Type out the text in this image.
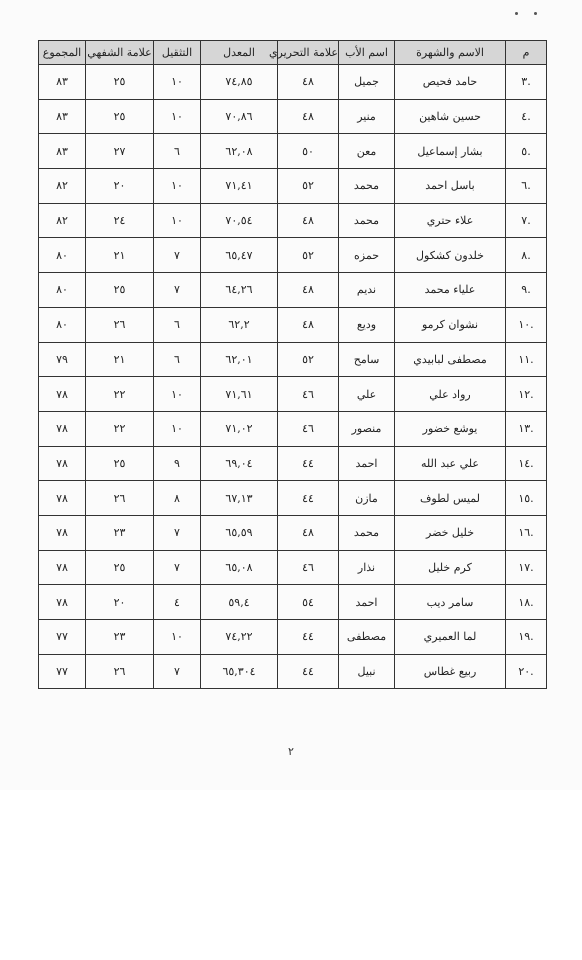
م	الاسم والشهرة	اسم الأب	علامة التحريري	المعدل	التثقيل	علامة الشفهي	المجموع
.٣	حامد فحيص	جميل	٤٨	٧٤,٨٥	١٠	٢٥	٨٣
.٤	حسين شاهين	منير	٤٨	٧٠,٨٦	١٠	٢٥	٨٣
.٥	بشار إسماعيل	معن	٥٠	٦٢,٠٨	٦	٢٧	٨٣
.٦	باسل احمد	محمد	٥٢	٧١,٤١	١٠	٢٠	٨٢
.٧	علاء حتري	محمد	٤٨	٧٠,٥٤	١٠	٢٤	٨٢
.٨	خلدون كشكول	حمزه	٥٢	٦٥,٤٧	٧	٢١	٨٠
.٩	علياء محمد	نديم	٤٨	٦٤,٢٦	٧	٢٥	٨٠
.١٠	نشوان كرمو	وديع	٤٨	٦٢,٢	٦	٢٦	٨٠
.١١	مصطفى لبابيدي	سامح	٥٢	٦٢,٠١	٦	٢١	٧٩
.١٢	رواد علي	علي	٤٦	٧١,٦١	١٠	٢٢	٧٨
.١٣	يوشع خضور	منصور	٤٦	٧١,٠٢	١٠	٢٢	٧٨
.١٤	علي عبد الله	احمد	٤٤	٦٩,٠٤	٩	٢٥	٧٨
.١٥	لميس لطوف	مازن	٤٤	٦٧,١٣	٨	٢٦	٧٨
.١٦	خليل خضر	محمد	٤٨	٦٥,٥٩	٧	٢٣	٧٨
.١٧	كرم خليل	نذار	٤٦	٦٥,٠٨	٧	٢٥	٧٨
.١٨	سامر ديب	احمد	٥٤	٥٩,٤	٤	٢٠	٧٨
.١٩	لما العميري	مصطفى	٤٤	٧٤,٢٢	١٠	٢٣	٧٧
.٢٠	ربيع غطاس	نبيل	٤٤	٦٥,٣٠٤	٧	٢٦	٧٧
٢
